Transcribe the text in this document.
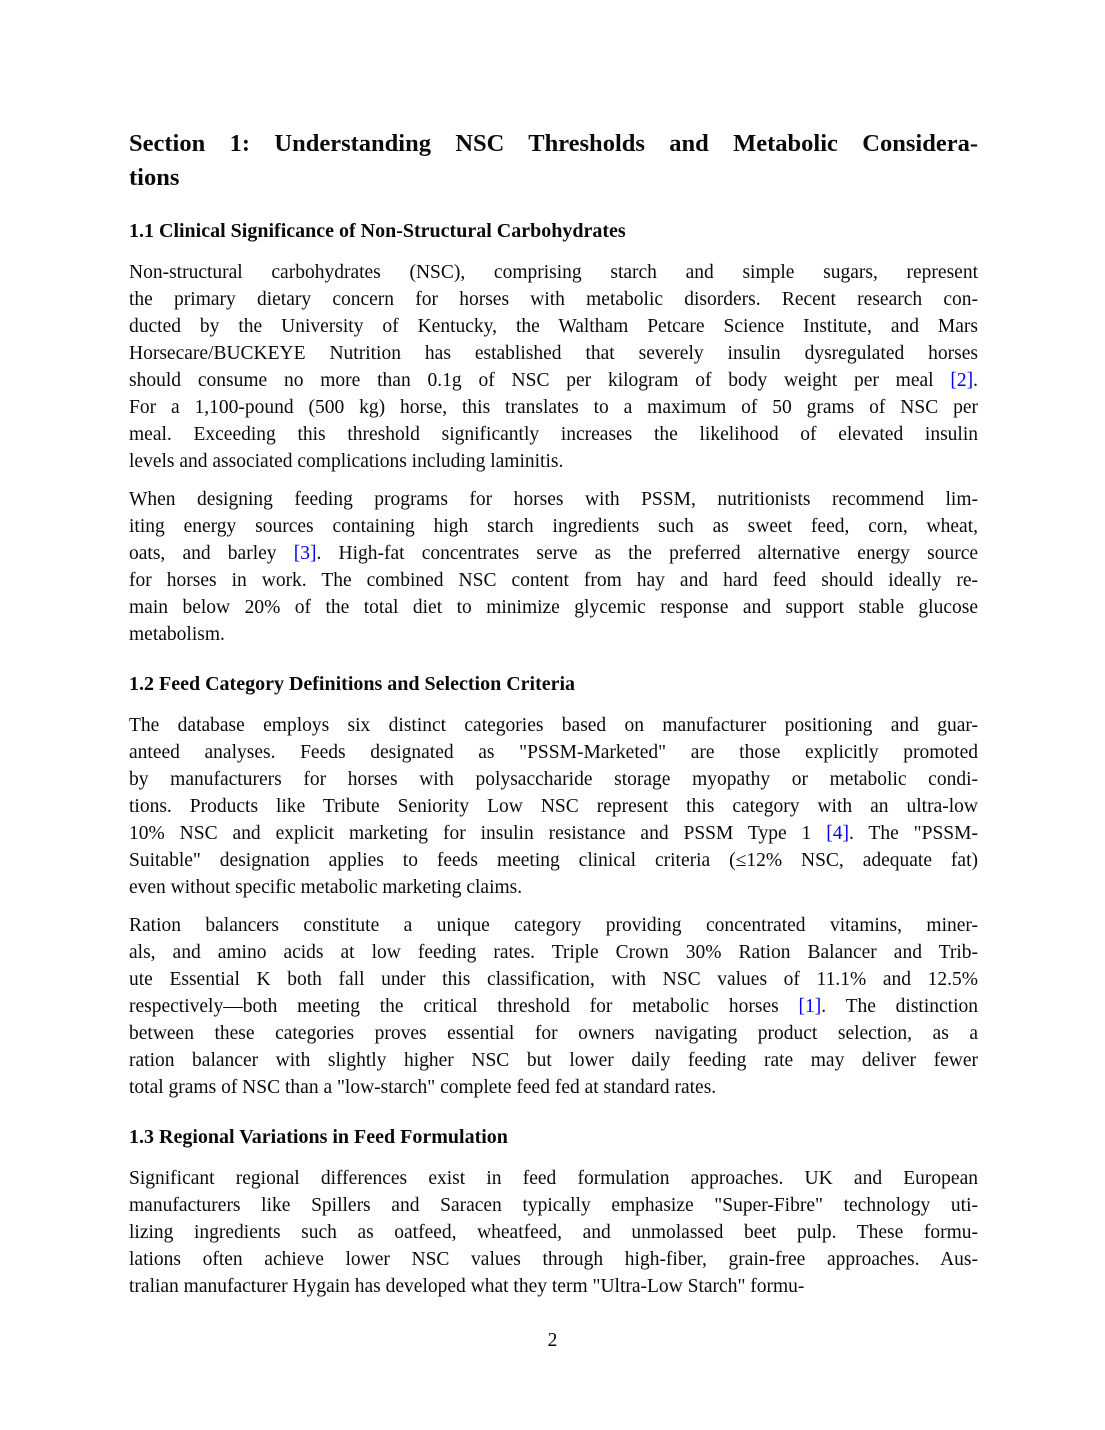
Section 1: Understanding NSC Thresholds and Metabolic Considera-
tions
1.1 Clinical Significance of Non-Structural Carbohydrates
Non-structural carbohydrates (NSC), comprising starch and simple sugars, represent
the primary dietary concern for horses with metabolic disorders. Recent research con-
ducted by the University of Kentucky, the Waltham Petcare Science Institute, and Mars
Horsecare/BUCKEYE Nutrition has established that severely insulin dysregulated horses
should consume no more than 0.1g of NSC per kilogram of body weight per meal [2].
For a 1,100-pound (500 kg) horse, this translates to a maximum of 50 grams of NSC per
meal. Exceeding this threshold significantly increases the likelihood of elevated insulin
levels and associated complications including laminitis.
When designing feeding programs for horses with PSSM, nutritionists recommend lim-
iting energy sources containing high starch ingredients such as sweet feed, corn, wheat,
oats, and barley [3]. High-fat concentrates serve as the preferred alternative energy source
for horses in work. The combined NSC content from hay and hard feed should ideally re-
main below 20% of the total diet to minimize glycemic response and support stable glucose
metabolism.
1.2 Feed Category Definitions and Selection Criteria
The database employs six distinct categories based on manufacturer positioning and guar-
anteed analyses. Feeds designated as "PSSM-Marketed" are those explicitly promoted
by manufacturers for horses with polysaccharide storage myopathy or metabolic condi-
tions. Products like Tribute Seniority Low NSC represent this category with an ultra-low
10% NSC and explicit marketing for insulin resistance and PSSM Type 1 [4]. The "PSSM-
Suitable" designation applies to feeds meeting clinical criteria (≤12% NSC, adequate fat)
even without specific metabolic marketing claims.
Ration balancers constitute a unique category providing concentrated vitamins, miner-
als, and amino acids at low feeding rates. Triple Crown 30% Ration Balancer and Trib-
ute Essential K both fall under this classification, with NSC values of 11.1% and 12.5%
respectively—both meeting the critical threshold for metabolic horses [1]. The distinction
between these categories proves essential for owners navigating product selection, as a
ration balancer with slightly higher NSC but lower daily feeding rate may deliver fewer
total grams of NSC than a "low-starch" complete feed fed at standard rates.
1.3 Regional Variations in Feed Formulation
Significant regional differences exist in feed formulation approaches. UK and European
manufacturers like Spillers and Saracen typically emphasize "Super-Fibre" technology uti-
lizing ingredients such as oatfeed, wheatfeed, and unmolassed beet pulp. These formu-
lations often achieve lower NSC values through high-fiber, grain-free approaches. Aus-
tralian manufacturer Hygain has developed what they term "Ultra-Low Starch" formu-
2
